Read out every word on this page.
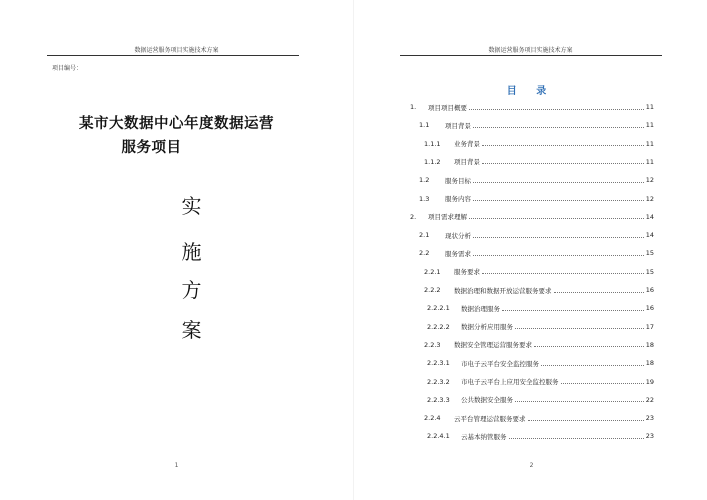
数据运营服务项目实施技术方案
项目编号：
某市大数据中心年度数据运营
服务项目
实
施
方
案
1
数据运营服务项目实施技术方案
目 录
1.	项目项目概要	11
1.1	项目背景	11
1.1.1	业务背景	11
1.1.2	项目背景	11
1.2	服务目标	12
1.3	服务内容	12
2.	项目需求理解	14
2.1	现状分析	14
2.2	服务需求	15
2.2.1	服务要求	15
2.2.2	数据治理和数据开放运营服务要求	16
2.2.2.1	数据治理服务	16
2.2.2.2	数据分析应用服务	17
2.2.3	数据安全管理运营服务要求	18
2.2.3.1	市电子云平台安全监控服务	18
2.2.3.2	市电子云平台上应用安全监控服务	19
2.2.3.3	公共数据安全服务	22
2.2.4	云平台管理运营服务要求	23
2.2.4.1	云基本纳管服务	23
2
